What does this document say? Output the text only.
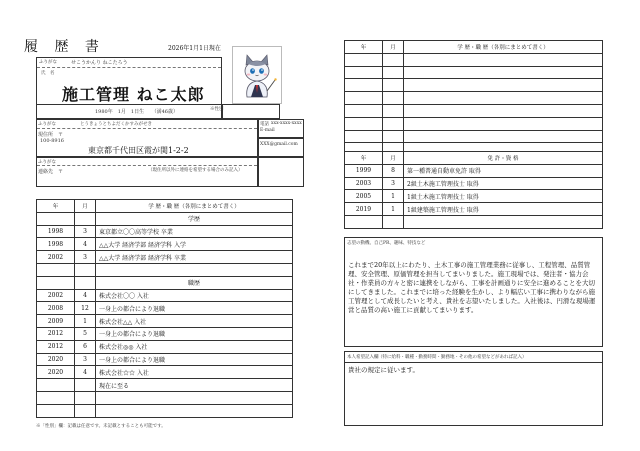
履 歴 書	2026年1月1日現在
ふりがな	せこうかんり ねこたろう
氏　名
施工管理 ねこ太郎
1980年　1月　1日生　　（満46歳）	※性別
ふりがな	とうきょうとちよだくかすみがせき
現住所　〒
100-8916
東京都千代田区霞が関1-2-2
電話 xxx-xxxx-xxxx
E-mail
XXX@gmail.com
ふりがな
連絡先　〒	（現住所以外に連絡を希望する場合のみ記入）
年	月	学 歴・職 歴（各別にまとめて書く）
		学歴
1998	3	東京都立〇〇高等学校 卒業
1998	4	△△大学 経済学部 経済学科 入学
2002	3	△△大学 経済学部 経済学科 卒業

		職歴
2002	4	株式会社〇〇 入社
2008	12	一身上の都合により退職
2009	1	株式会社△△ 入社
2012	5	一身上の都合により退職
2012	6	株式会社◎◎ 入社
2020	3	一身上の都合により退職
2020	4	株式会社☆☆ 入社
		現在に至る

※「性別」欄：記載は任意です。未記載とすることも可能です。
年	月	学 歴・職 歴（各別にまとめて書く）

年	月	免 許・資 格
1999	8	第一種普通自動車免許 取得
2003	3	2級土木施工管理技士 取得
2005	1	1級土木施工管理技士 取得
2019	1	1級建築施工管理技士 取得

志望の動機、自己PR、趣味、特技など
これまで20年以上にわたり、土木工事の施工管理業務に従事し、工程管理、品質管理、安全管理、原価管理を担当してまいりました。施工現場では、発注者・協力会社・作業員の方々と密に連携をしながら、工事を計画通りに安全に進めることを大切にしてきました。これまでに培った経験を生かし、より幅広い工事に携わりながら施工管理として成長したいと考え、貴社を志望いたしました。入社後は、円滑な現場運営と品質の高い施工に貢献してまいります。
本人希望記入欄 （特に給料・職種・勤務時間・勤務地・その他の希望などがあれば記入）
貴社の規定に従います。
